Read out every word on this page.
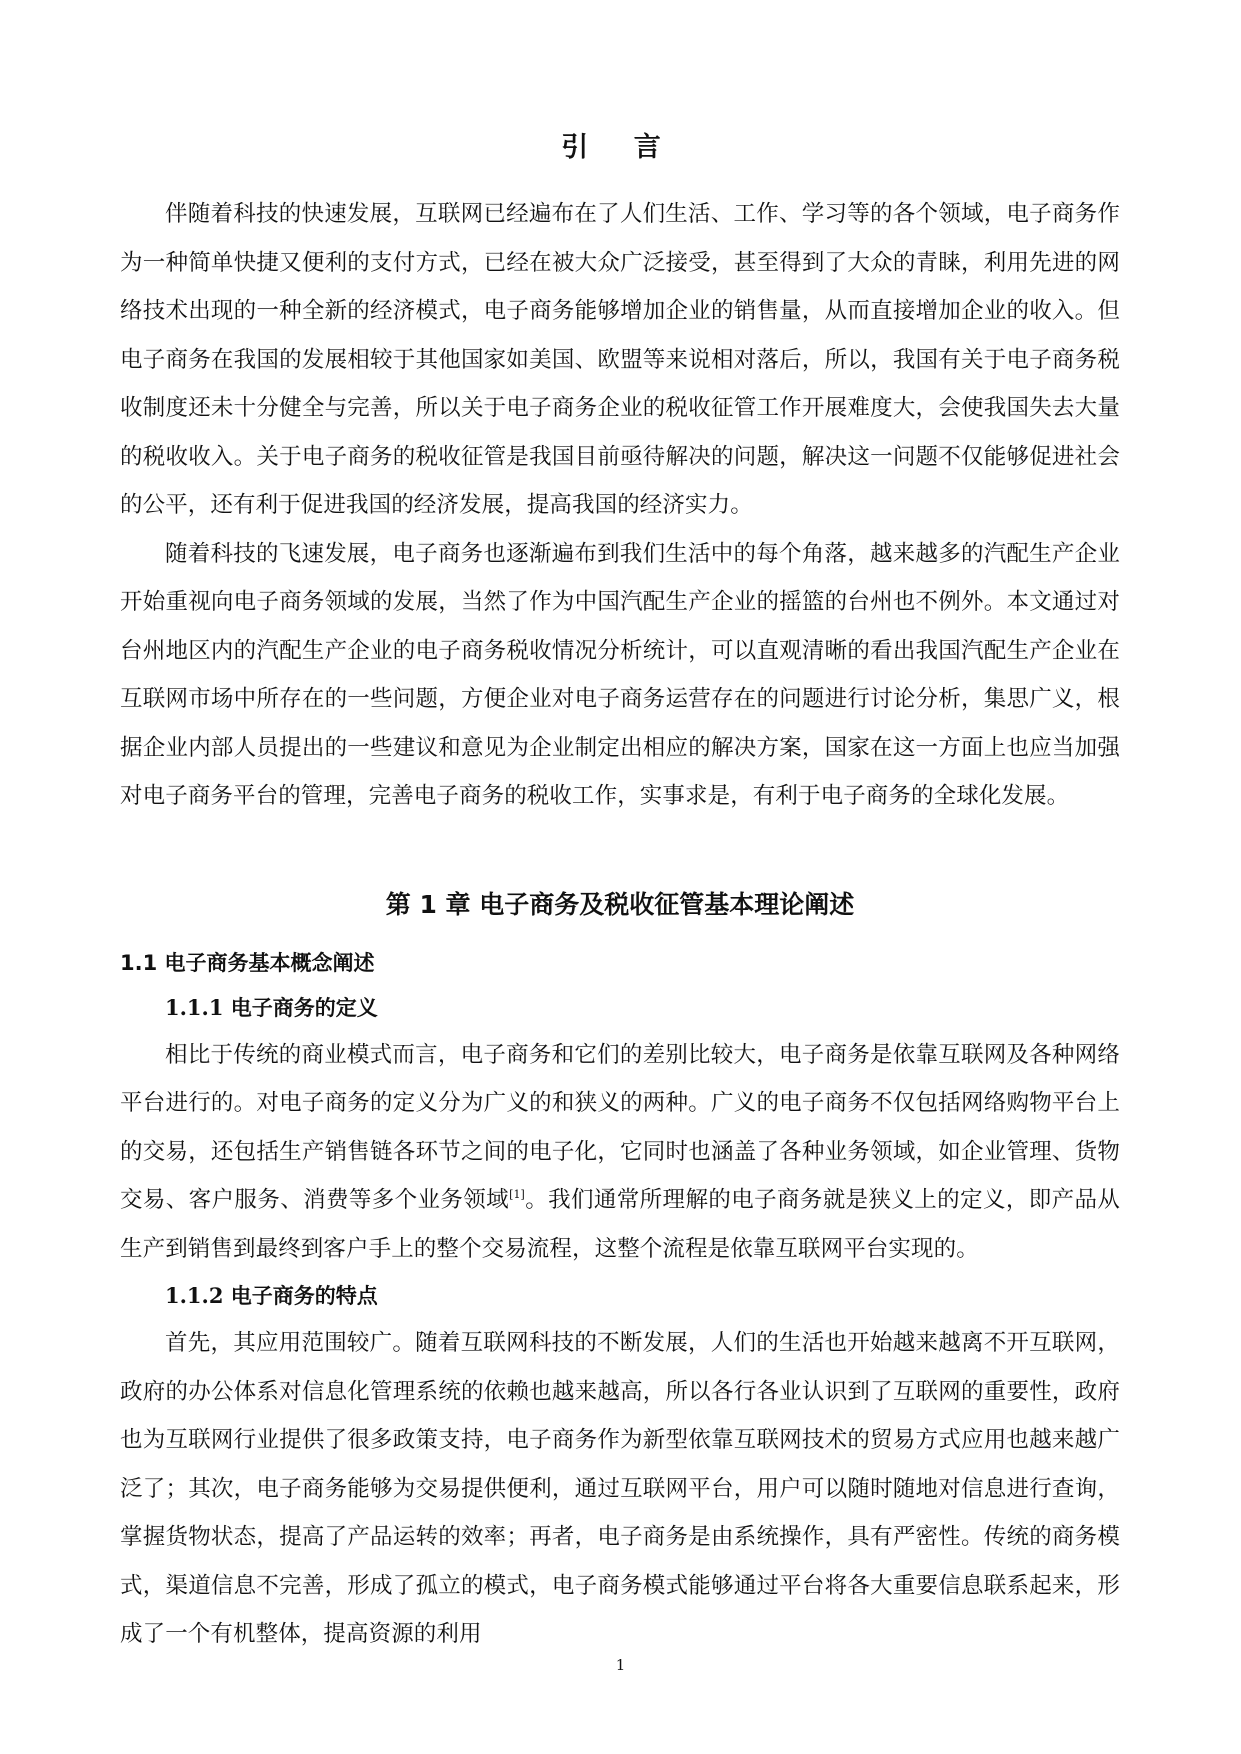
引 言

伴随着科技的快速发展，互联网已经遍布在了人们生活、工作、学习等的各个领域，电子商务作为一种简单快捷又便利的支付方式，已经在被大众广泛接受，甚至得到了大众的青睐，利用先进的网络技术出现的一种全新的经济模式，电子商务能够增加企业的销售量，从而直接增加企业的收入。但电子商务在我国的发展相较于其他国家如美国、欧盟等来说相对落后，所以，我国有关于电子商务税收制度还未十分健全与完善，所以关于电子商务企业的税收征管工作开展难度大，会使我国失去大量的税收收入。关于电子商务的税收征管是我国目前亟待解决的问题，解决这一问题不仅能够促进社会的公平，还有利于促进我国的经济发展，提高我国的经济实力。

随着科技的飞速发展，电子商务也逐渐遍布到我们生活中的每个角落，越来越多的汽配生产企业开始重视向电子商务领域的发展，当然了作为中国汽配生产企业的摇篮的台州也不例外。本文通过对台州地区内的汽配生产企业的电子商务税收情况分析统计，可以直观清晰的看出我国汽配生产企业在互联网市场中所存在的一些问题，方便企业对电子商务运营存在的问题进行讨论分析，集思广义，根据企业内部人员提出的一些建议和意见为企业制定出相应的解决方案，国家在这一方面上也应当加强对电子商务平台的管理，完善电子商务的税收工作，实事求是，有利于电子商务的全球化发展。

第 1 章 电子商务及税收征管基本理论阐述
1.1 电子商务基本概念阐述
1.1.1 电子商务的定义

相比于传统的商业模式而言，电子商务和它们的差别比较大，电子商务是依靠互联网及各种网络平台进行的。对电子商务的定义分为广义的和狭义的两种。广义的电子商务不仅包括网络购物平台上的交易，还包括生产销售链各环节之间的电子化，它同时也涵盖了各种业务领域，如企业管理、货物交易、客户服务、消费等多个业务领域[1]。我们通常所理解的电子商务就是狭义上的定义，即产品从生产到销售到最终到客户手上的整个交易流程，这整个流程是依靠互联网平台实现的。

1.1.2 电子商务的特点

首先，其应用范围较广。随着互联网科技的不断发展，人们的生活也开始越来越离不开互联网，政府的办公体系对信息化管理系统的依赖也越来越高，所以各行各业认识到了互联网的重要性，政府也为互联网行业提供了很多政策支持，电子商务作为新型依靠互联网技术的贸易方式应用也越来越广泛了；其次，电子商务能够为交易提供便利，通过互联网平台，用户可以随时随地对信息进行查询，掌握货物状态，提高了产品运转的效率；再者，电子商务是由系统操作，具有严密性。传统的商务模式，渠道信息不完善，形成了孤立的模式，电子商务模式能够通过平台将各大重要信息联系起来，形成了一个有机整体，提高资源的利用

1
